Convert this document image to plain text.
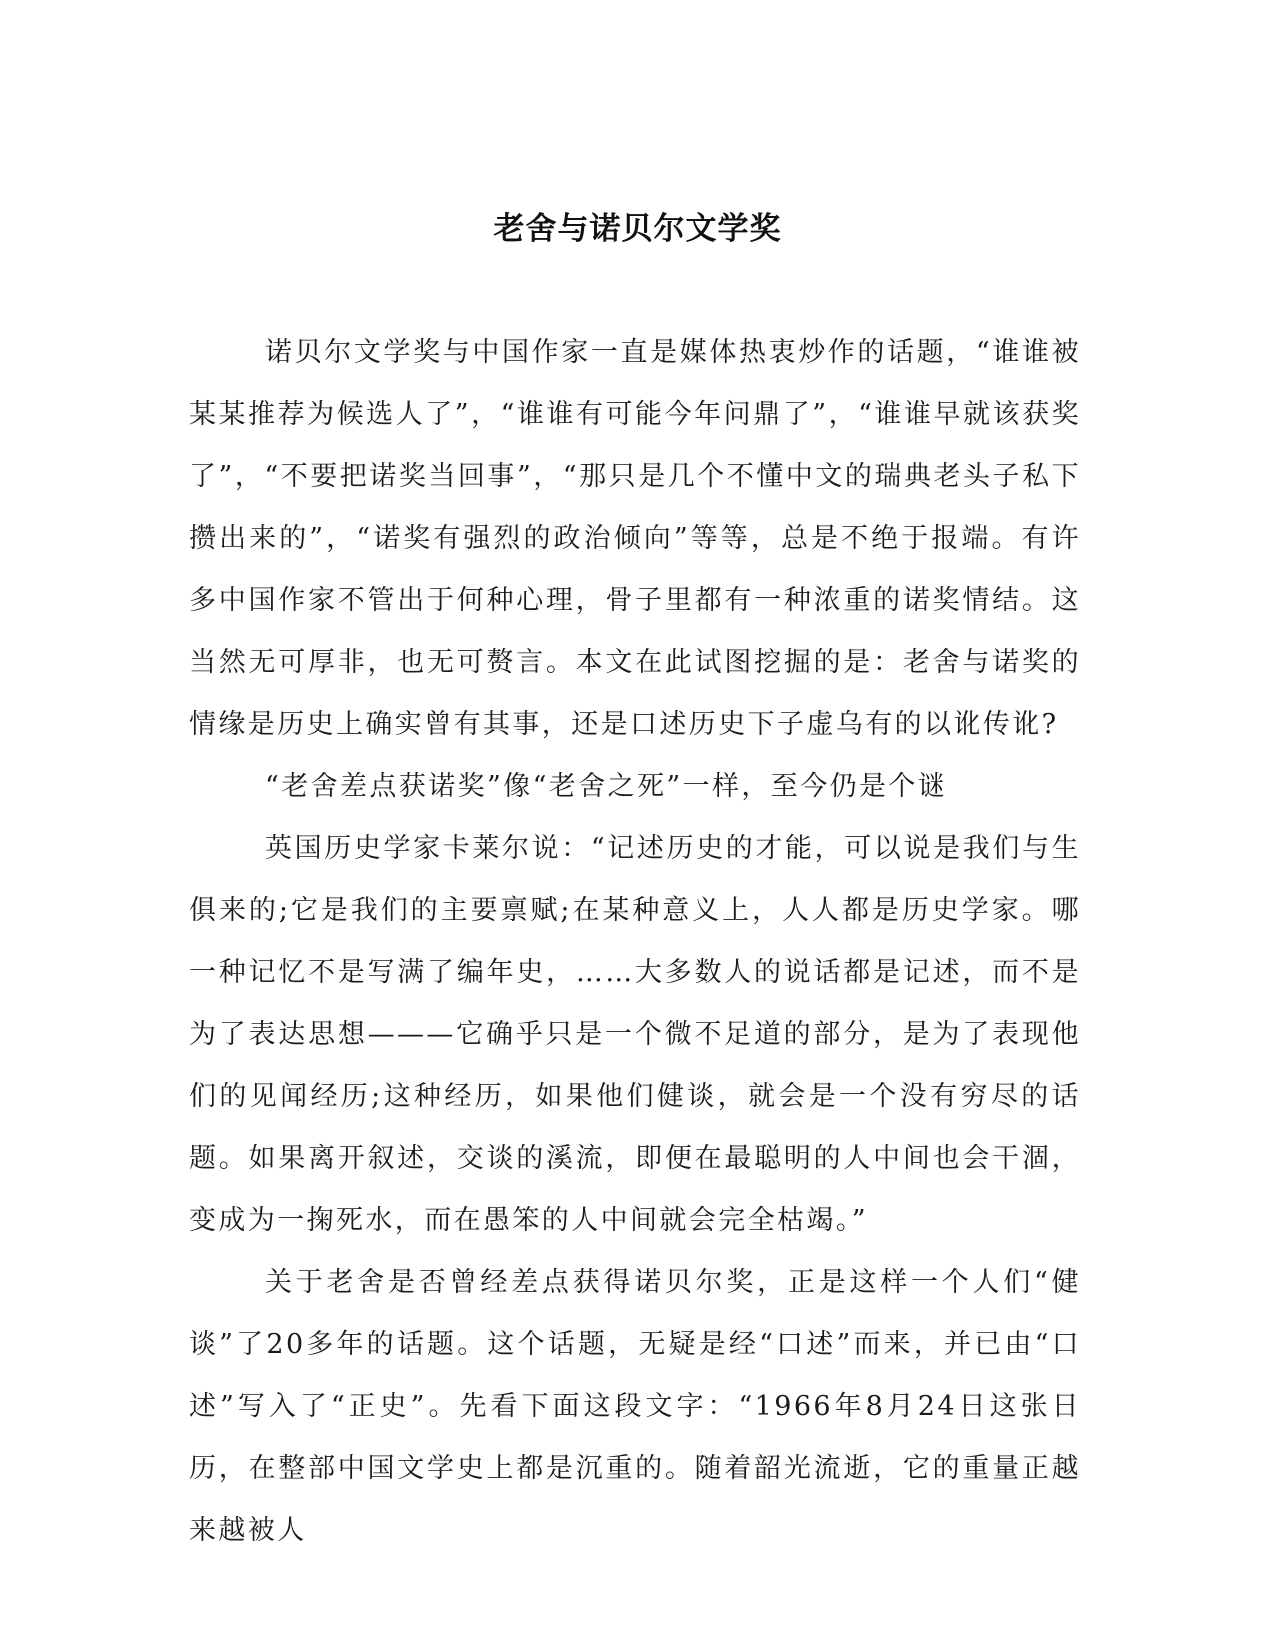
老舍与诺贝尔文学奖

诺贝尔文学奖与中国作家一直是媒体热衷炒作的话题，“谁谁被某某推荐为候选人了”，“谁谁有可能今年问鼎了”，“谁谁早就该获奖了”，“不要把诺奖当回事”，“那只是几个不懂中文的瑞典老头子私下攒出来的”，“诺奖有强烈的政治倾向”等等，总是不绝于报端。有许多中国作家不管出于何种心理，骨子里都有一种浓重的诺奖情结。这当然无可厚非，也无可赘言。本文在此试图挖掘的是：老舍与诺奖的情缘是历史上确实曾有其事，还是口述历史下子虚乌有的以讹传讹?

“老舍差点获诺奖”像“老舍之死”一样，至今仍是个谜

英国历史学家卡莱尔说：“记述历史的才能，可以说是我们与生俱来的;它是我们的主要禀赋;在某种意义上，人人都是历史学家。哪一种记忆不是写满了编年史，……大多数人的说话都是记述，而不是为了表达思想———它确乎只是一个微不足道的部分，是为了表现他们的见闻经历;这种经历，如果他们健谈，就会是一个没有穷尽的话题。如果离开叙述，交谈的溪流，即便在最聪明的人中间也会干涸，变成为一掬死水，而在愚笨的人中间就会完全枯竭。”

关于老舍是否曾经差点获得诺贝尔奖，正是这样一个人们“健谈”了20多年的话题。这个话题，无疑是经“口述”而来，并已由“口述”写入了“正史”。先看下面这段文字：“1966年8月24日这张日历，在整部中国文学史上都是沉重的。随着韶光流逝，它的重量正越来越被人
